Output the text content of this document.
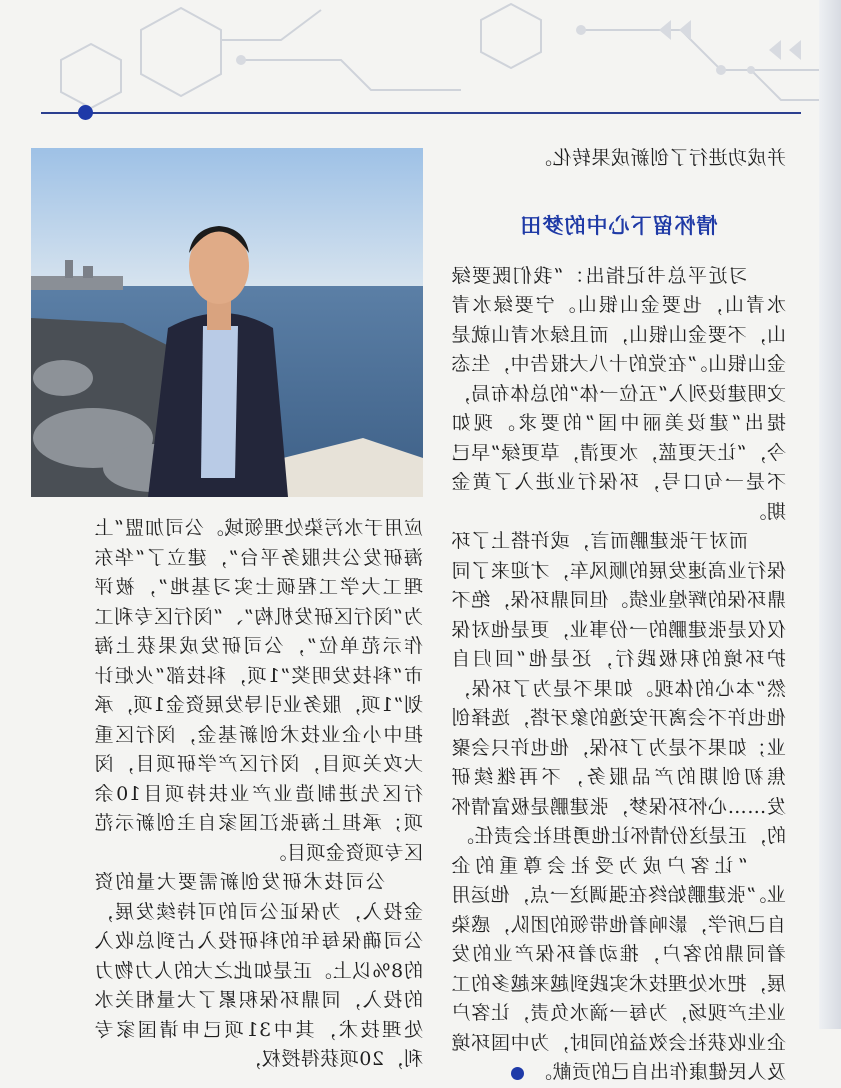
应用于水污染处理领域。公司加盟“上海研发公共服务平台”，建立了“华东理工大学工程硕士实习基地”，被评为“闵行区研发机构”、“闵行区专利工作示范单位”，公司研发成果获上海市“科技发明奖”1项，科技部“火炬计划”1项，服务业引导发展资金1项，承担中小企业技术创新基金，闵行区重大攻关项目，闵行区产学研项目，闵行区先进制造业产业扶持项目10余项；承担上海张江国家自主创新示范区专项资金项目。

公司技术研发创新需要大量的资金投入，为保证公司的可持续发展，公司确保每年的科研投入占到总收入的8%以上。正是如此之大的人力物力的投入，同鼎环保积累了大量相关水处理技术，其中31项已申请国家专利，20项获得授权，

并成功进行了创新成果转化。

情怀留下心中的梦田

习近平总书记指出：“我们既要绿水青山，也要金山银山。宁要绿水青山，不要金山银山，而且绿水青山就是金山银山。”在党的十八大报告中，生态文明建设列入“五位一体”的总体布局，提出“建设美丽中国”的要求。现如今，“让天更蓝，水更清，草更绿”早已不是一句口号，环保行业进入了黄金期。

而对于张建鹏而言，或许搭上了环保行业高速发展的顺风车，才迎来了同鼎环保的辉煌业绩。但同鼎环保，绝不仅仅是张建鹏的一份事业，更是他对保护环境的积极践行，还是他“回归自然”本心的体现。如果不是为了环保，他也许不会离开安逸的象牙塔，选择创业；如果不是为了环保，他也许只会聚焦初创期的产品服务，不再继续研发……心怀环保梦，张建鹏是极富情怀的，正是这份情怀让他勇担社会责任。

“让客户成为受社会尊重的企业。”张建鹏始终在强调这一点，他运用自己所学，影响着他带领的团队，感染着同鼎的客户，推动着环保产业的发展，把水处理技术实践到越来越多的工业生产现场，为每一滴水负责，让客户企业收获社会效益的同时，为中国环境及人民健康作出自己的贡献。
